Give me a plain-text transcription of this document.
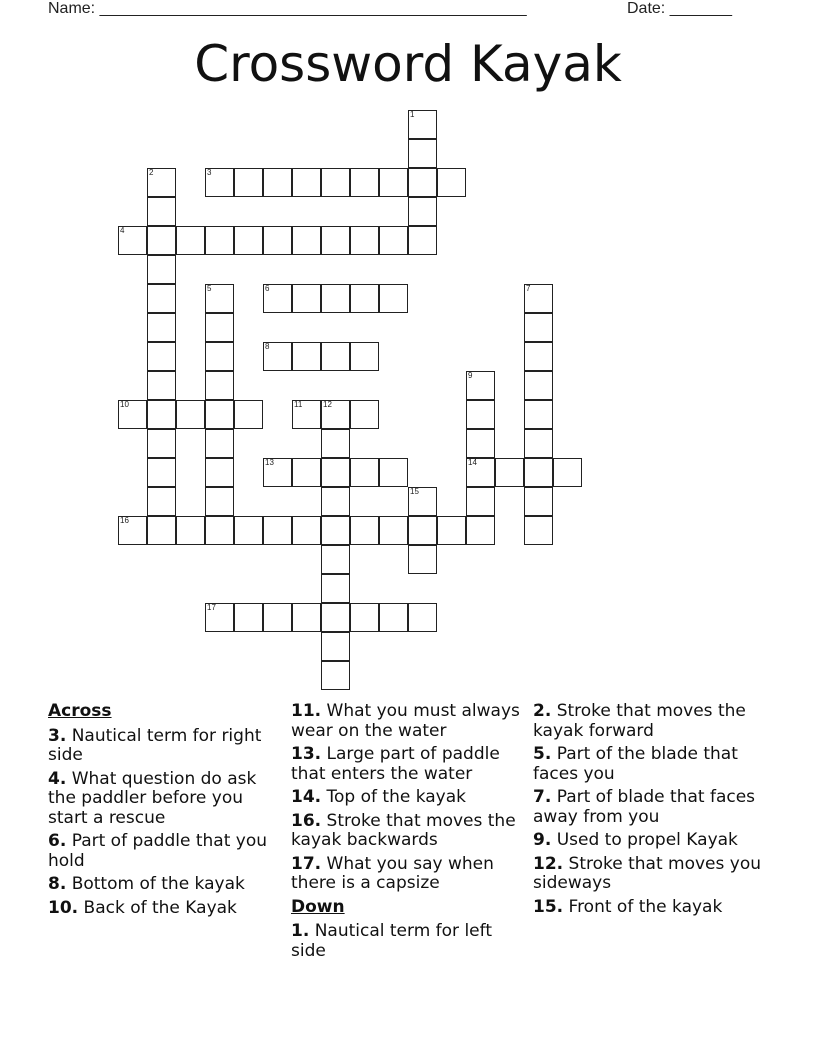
Name: ________________________________________________	Date: _______
Crossword Kayak
1
2	3
4
5	6	7
8
9
14
10	11	12
13
15
16
17
Across
3. Nautical term for right side
4. What question do ask the paddler before you start a rescue
6. Part of paddle that you hold
8. Bottom of the kayak
10. Back of the Kayak
11. What you must always wear on the water
13. Large part of paddle that enters the water
14. Top of the kayak
16. Stroke that moves the kayak backwards
17. What you say when there is a capsize
Down
1. Nautical term for left side
2. Stroke that moves the kayak forward
5. Part of the blade that faces you
7. Part of blade that faces away from you
9. Used to propel Kayak
12. Stroke that moves you sideways
15. Front of the kayak
